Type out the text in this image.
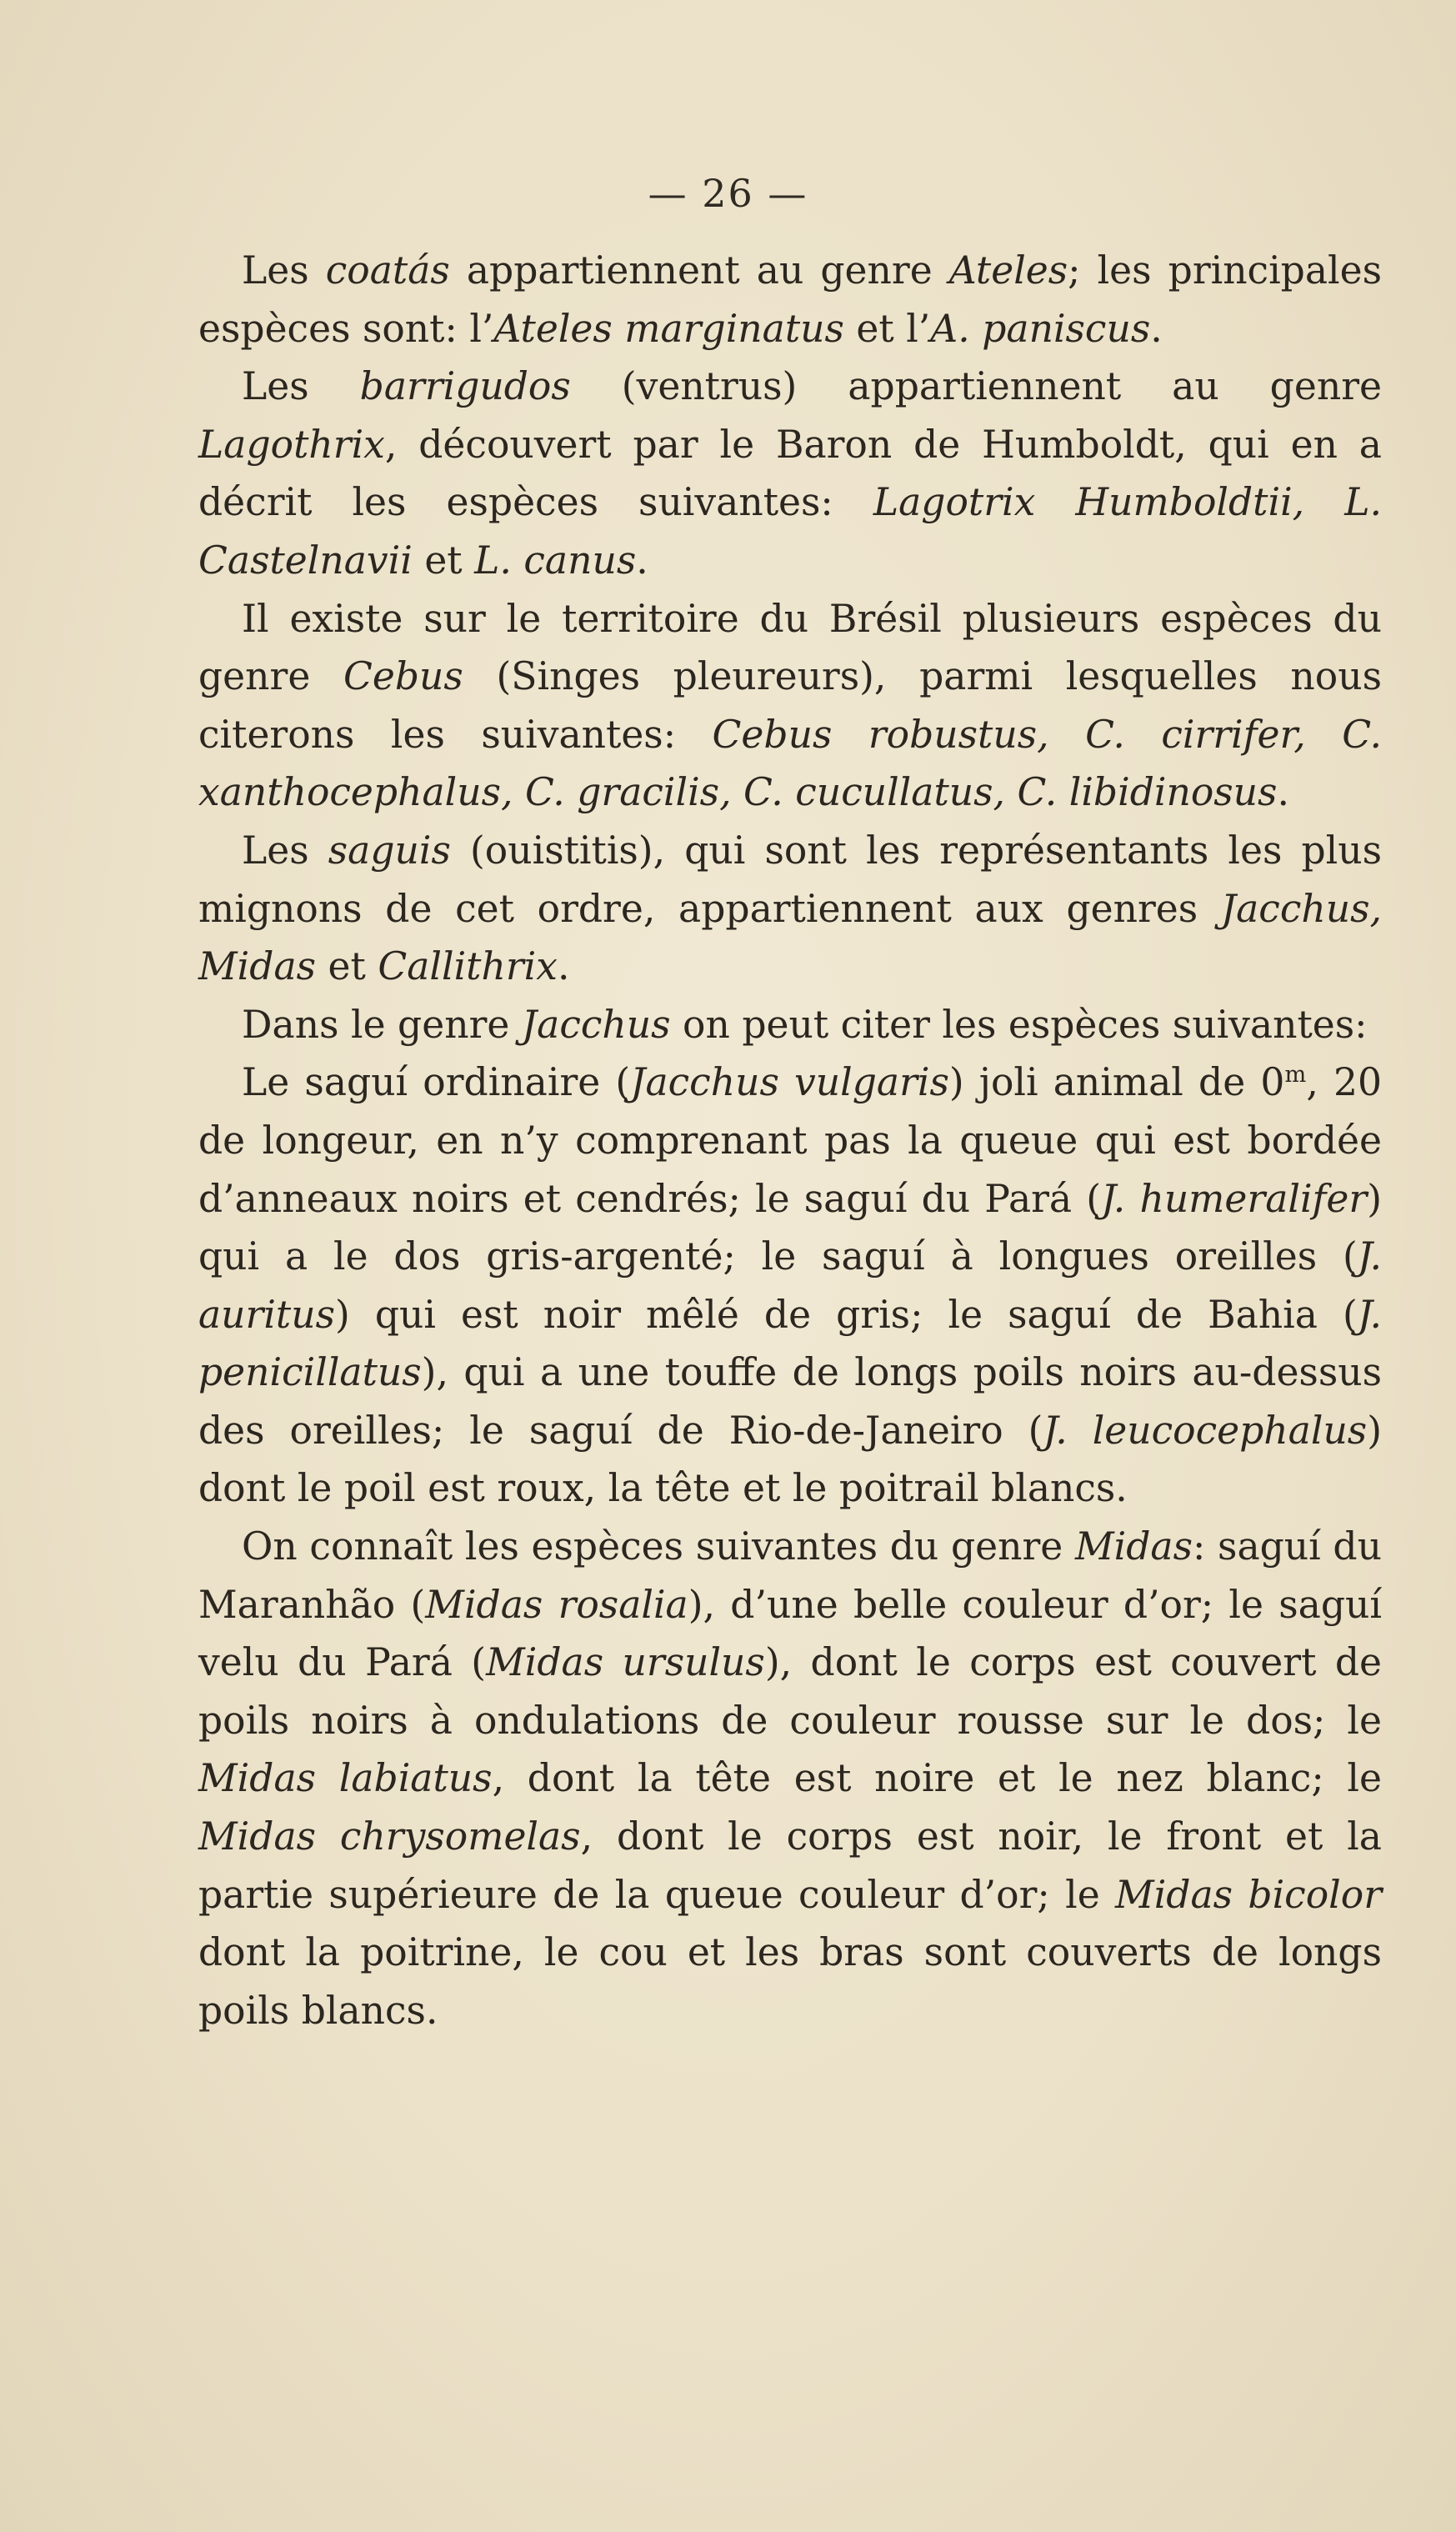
— 26 —

Les coatás appartiennent au genre Ateles; les principales espèces sont: l’Ateles marginatus et l’A. paniscus.

Les barrigudos (ventrus) appartiennent au genre Lagothrix, découvert par le Baron de Humboldt, qui en a décrit les espèces suivantes: Lagotrix Humboldtii, L. Castelnavii et L. canus.

Il existe sur le territoire du Brésil plusieurs espèces du genre Cebus (Singes pleureurs), parmi lesquelles nous citerons les suivantes: Cebus robustus, C. cirrifer, C. xanthocephalus, C. gracilis, C. cucullatus, C. libidinosus.

Les saguis (ouistitis), qui sont les représentants les plus mignons de cet ordre, appartiennent aux genres Jacchus, Midas et Callithrix.

Dans le genre Jacchus on peut citer les espèces suivantes:

Le saguí ordinaire (Jacchus vulgaris) joli animal de 0$^m$, 20 de longeur, en n’y comprenant pas la queue qui est bordée d’anneaux noirs et cendrés; le saguí du Pará (J. humeralifer) qui a le dos gris-argenté; le saguí à longues oreilles (J. auritus) qui est noir mêlé de gris; le saguí de Bahia (J. penicillatus), qui a une touffe de longs poils noirs au-dessus des oreilles; le saguí de Rio-de-Janeiro (J. leucocephalus) dont le poil est roux, la tête et le poitrail blancs.

On connaît les espèces suivantes du genre Midas: saguí du Maranhão (Midas rosalia), d’une belle couleur d’or; le saguí velu du Pará (Midas ursulus), dont le corps est couvert de poils noirs à ondulations de couleur rousse sur le dos; le Midas labiatus, dont la tête est noire et le nez blanc; le Midas chrysomelas, dont le corps est noir, le front et la partie supérieure de la queue couleur d’or; le Midas bicolor dont la poitrine, le cou et les bras sont couverts de longs poils blancs.
